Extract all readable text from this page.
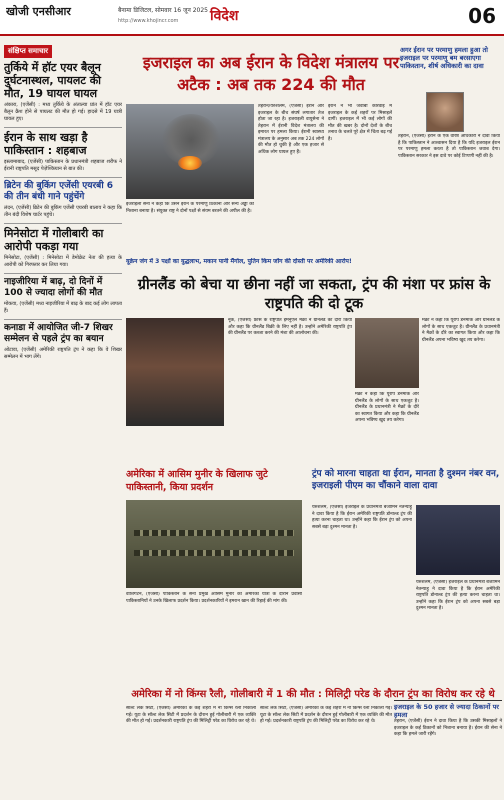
खोजी एनसीआर	बैनामा डिजिटल, सोमवार 16 जून 2025
http://www.khojincr.com विदेश	06
संक्षिप्त समाचार
तुर्किये में हॉट एयर बैलून दुर्घटनास्थल, पायलट की मौत, 19 घायल घायल
अंकारा, (एजेंसी) : मध्य तुर्किये के अंताल्या प्रांत में हॉट एयर बैलून क्रैश होने से पायलट की मौत हो गई। हादसे में 19 यात्री घायल हुए।
ईरान के साथ खड़ा है पाकिस्तान : शहबाज
इस्लामाबाद, (एजेंसी) पाकिस्तान के प्रधानमंत्री शहबाज शरीफ ने ईरानी राष्ट्रपति मसूद पेज़ेश्कियान से बात की।
ब्रिटेन की बुकिंग एजेंसी एयरबी 6 की तीन बंधी गाने पहुंचेंगे
लंदन, (एजेंसी) ब्रिटेन की बुकिंग एजेंसी एयरबी बालाव ने कहा कि तीन बंदी विशेष चार्टर पहुंचे।
मिनेसोटा में गोलीबारी का आरोपी पकड़ा गया
मिनेसोटा, (एजेंसी) : मिनेसोटा में डेमोक्रेट नेता की हत्या के आरोपी को गिरफ्तार कर लिया गया।
नाइजीरिया में बाढ़, दो दिनों में 100 से ज्यादा लोगों की मौत
मोकवा, (एजेंसी) मध्य नाइजीरिया में बाढ़ के बाद कई लोग लापता हैं।
कनाडा में आयोजित जी-7 शिखर सम्मेलन से पहले ट्रंप का बयान
ओटावा, (एजेंसी) अमेरिकी राष्ट्रपति ट्रंप ने कहा कि वे शिखर सम्मेलन में भाग लेंगे।
इजराइल का अब ईरान के विदेश मंत्रालय पर अटैक : अब तक 224 की मौत
तेहरान/येरुशलम, (एजेंसी) ईरान और इजराइल के बीच संघर्ष लगातार तेज होता जा रहा है। इजराइली वायुसेना ने तेहरान में ईरानी विदेश मंत्रालय की इमारत पर हमला किया। ईरानी स्वास्थ्य मंत्रालय के अनुसार अब तक 224 लोगों की मौत हो चुकी है और एक हजार से अधिक लोग घायल हुए हैं।
ईरान ने भी जवाबी कार्रवाई में इजराइल के कई शहरों पर मिसाइलें दागीं। इजराइल में भी कई लोगों की मौत की खबर है। दोनों देशों के बीच तनाव के चलते पूरे क्षेत्र में चिंता बढ़ गई है।
इजराइली सेना ने कहा कि उसने ईरान के परमाणु ठिकानों और सैन्य अड्डों को निशाना बनाया है। संयुक्त राष्ट्र ने दोनों पक्षों से संयम बरतने की अपील की है।
अगर ईरान पर परमाणु हमला हुआ तो इजराइल पर परमाणु बम बरसाएगा पाकिस्तान, शीर्ष अधिकारी का दावा
तेहरान, (एजेंसी) ईरान के एक वरिष्ठ अधिकारी ने दावा किया है कि पाकिस्तान ने आश्वासन दिया है कि यदि इजराइल ईरान पर परमाणु हमला करता है तो पाकिस्तान जवाब देगा। पाकिस्तान सरकार ने इस दावे पर कोई टिप्पणी नहीं की है।
यूक्रेन जंग में 3 पक्षों का युद्धलाभ, मकान पानी मैंगोल, पुतिन किम जोंग की दोस्ती पर अमेरिकी आरोप!
ग्रीनलैंड को बेचा या छीना नहीं जा सकता, ट्रंप की मंशा पर फ्रांस के राष्ट्रपति की दो टूक
नूक, (एजेंसी) फ्रांस के राष्ट्रपति इमैनुएल मैक्रों ने ग्रीनलैंड का दौरा किया और कहा कि ग्रीनलैंड बिक्री के लिए नहीं है। उन्होंने अमेरिकी राष्ट्रपति ट्रंप की ग्रीनलैंड पर कब्जा करने की मंशा की आलोचना की।
मैक्रों ने कहा कि यूरोप डेनमार्क और ग्रीनलैंड के लोगों के साथ एकजुट है। ग्रीनलैंड के प्रधानमंत्री ने मैक्रों के दौरे का स्वागत किया और कहा कि ग्रीनलैंड अपना भविष्य खुद तय करेगा।
मैक्रों ने कहा कि यूरोप डेनमार्क और ग्रीनलैंड के लोगों के साथ एकजुट है। ग्रीनलैंड के प्रधानमंत्री ने मैक्रों के दौरे का स्वागत किया और कहा कि ग्रीनलैंड अपना भविष्य खुद तय करेगा।
अमेरिका में आसिम मुनीर के खिलाफ जुटे पाकिस्तानी, किया प्रदर्शन
वाशिंगटन, (एजेंसी) पाकिस्तान के सेना प्रमुख आसिम मुनीर की अमेरिका यात्रा के दौरान प्रवासी पाकिस्तानियों ने उनके खिलाफ प्रदर्शन किया। प्रदर्शनकारियों ने इमरान खान की रिहाई की मांग की।
ट्रंप को मारना चाहता था ईरान, मानता है दुश्मन नंबर वन, इजराइली पीएम का चौंकाने वाला दावा
यरुशलम, (एजेंसी) इजराइल के प्रधानमंत्री बेंजामिन नेतन्याहू ने दावा किया है कि ईरान अमेरिकी राष्ट्रपति डोनाल्ड ट्रंप की हत्या करना चाहता था। उन्होंने कहा कि ईरान ट्रंप को अपना सबसे बड़ा दुश्मन मानता है।
यरुशलम, (एजेंसी) इजराइल के प्रधानमंत्री बेंजामिन नेतन्याहू ने दावा किया है कि ईरान अमेरिकी राष्ट्रपति डोनाल्ड ट्रंप की हत्या करना चाहता था। उन्होंने कहा कि ईरान ट्रंप को अपना सबसे बड़ा दुश्मन मानता है।
अमेरिका में नो किंग्स रैली, गोलीबारी में 1 की मौत : मिलिट्री परेड के दौरान ट्रंप का विरोध कर रहे थे
सॉल्ट लेक सिटी, (एजेंसी) अमेरिका के कई शहरों में नो किंग्स रैली निकाली गई। यूटा के सॉल्ट लेक सिटी में प्रदर्शन के दौरान हुई गोलीबारी में एक व्यक्ति की मौत हो गई। प्रदर्शनकारी राष्ट्रपति ट्रंप की मिलिट्री परेड का विरोध कर रहे थे।
सॉल्ट लेक सिटी, (एजेंसी) अमेरिका के कई शहरों में नो किंग्स रैली निकाली गई। यूटा के सॉल्ट लेक सिटी में प्रदर्शन के दौरान हुई गोलीबारी में एक व्यक्ति की मौत हो गई। प्रदर्शनकारी राष्ट्रपति ट्रंप की मिलिट्री परेड का विरोध कर रहे थे।
इजराइल के 50 हजार से ज्यादा ठिकानों पर हमला
तेहरान, (एजेंसी) ईरान ने दावा किया है कि उसकी मिसाइलों ने इजराइल के कई ठिकानों को निशाना बनाया है। ईरान की सेना ने कहा कि हमले जारी रहेंगे।
